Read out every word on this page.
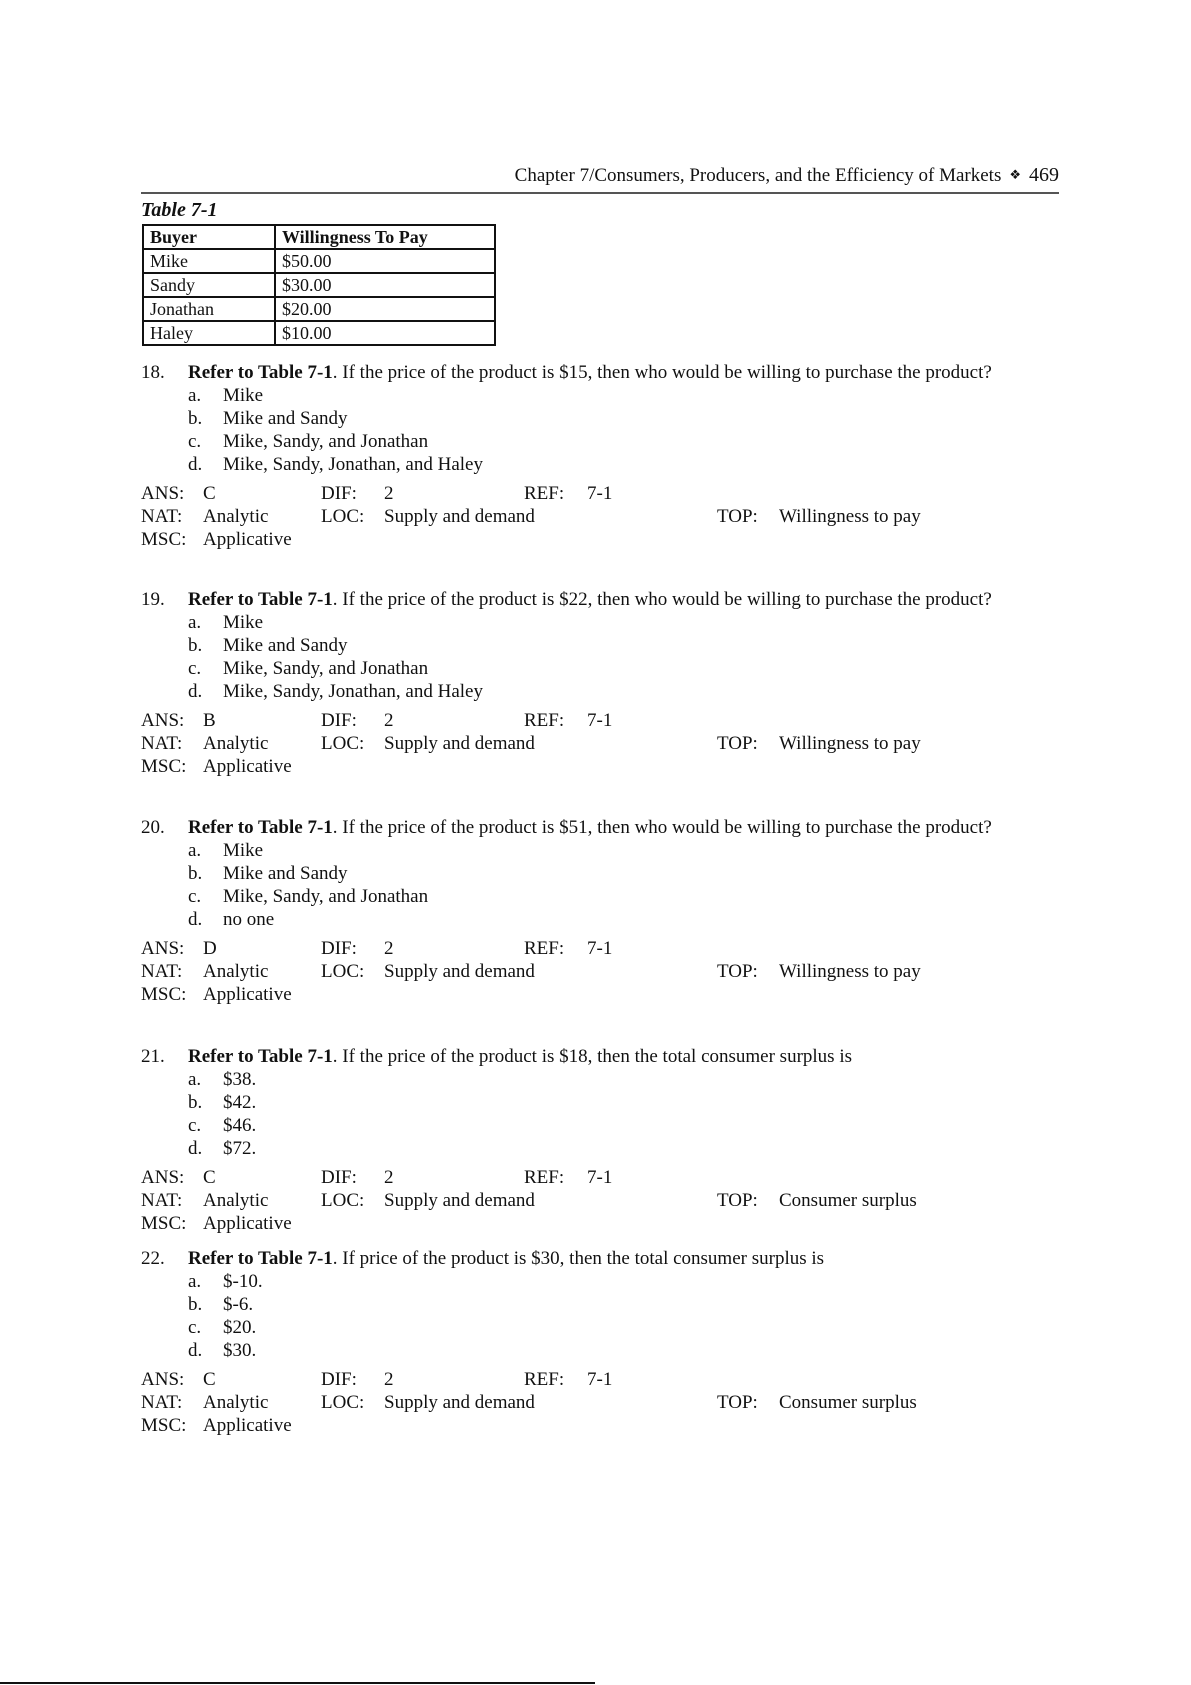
Chapter 7/Consumers, Producers, and the Efficiency of Markets ❖ 469
Table 7-1
Buyer	Willingness To Pay
Mike	$50.00
Sandy	$30.00
Jonathan	$20.00
Haley	$10.00
18. Refer to Table 7-1. If the price of the product is $15, then who would be willing to purchase the product?
a. Mike
b. Mike and Sandy
c. Mike, Sandy, and Jonathan
d. Mike, Sandy, Jonathan, and Haley
ANS: C	DIF: 2	REF: 7-1
NAT: Analytic	LOC: Supply and demand	TOP: Willingness to pay
MSC: Applicative
19. Refer to Table 7-1. If the price of the product is $22, then who would be willing to purchase the product?
a. Mike
b. Mike and Sandy
c. Mike, Sandy, and Jonathan
d. Mike, Sandy, Jonathan, and Haley
ANS: B	DIF: 2	REF: 7-1
NAT: Analytic	LOC: Supply and demand	TOP: Willingness to pay
MSC: Applicative
20. Refer to Table 7-1. If the price of the product is $51, then who would be willing to purchase the product?
a. Mike
b. Mike and Sandy
c. Mike, Sandy, and Jonathan
d. no one
ANS: D	DIF: 2	REF: 7-1
NAT: Analytic	LOC: Supply and demand	TOP: Willingness to pay
MSC: Applicative
21. Refer to Table 7-1. If the price of the product is $18, then the total consumer surplus is
a. $38.
b. $42.
c. $46.
d. $72.
ANS: C	DIF: 2	REF: 7-1
NAT: Analytic	LOC: Supply and demand	TOP: Consumer surplus
MSC: Applicative
22. Refer to Table 7-1. If price of the product is $30, then the total consumer surplus is
a. $-10.
b. $-6.
c. $20.
d. $30.
ANS: C	DIF: 2	REF: 7-1
NAT: Analytic	LOC: Supply and demand	TOP: Consumer surplus
MSC: Applicative
